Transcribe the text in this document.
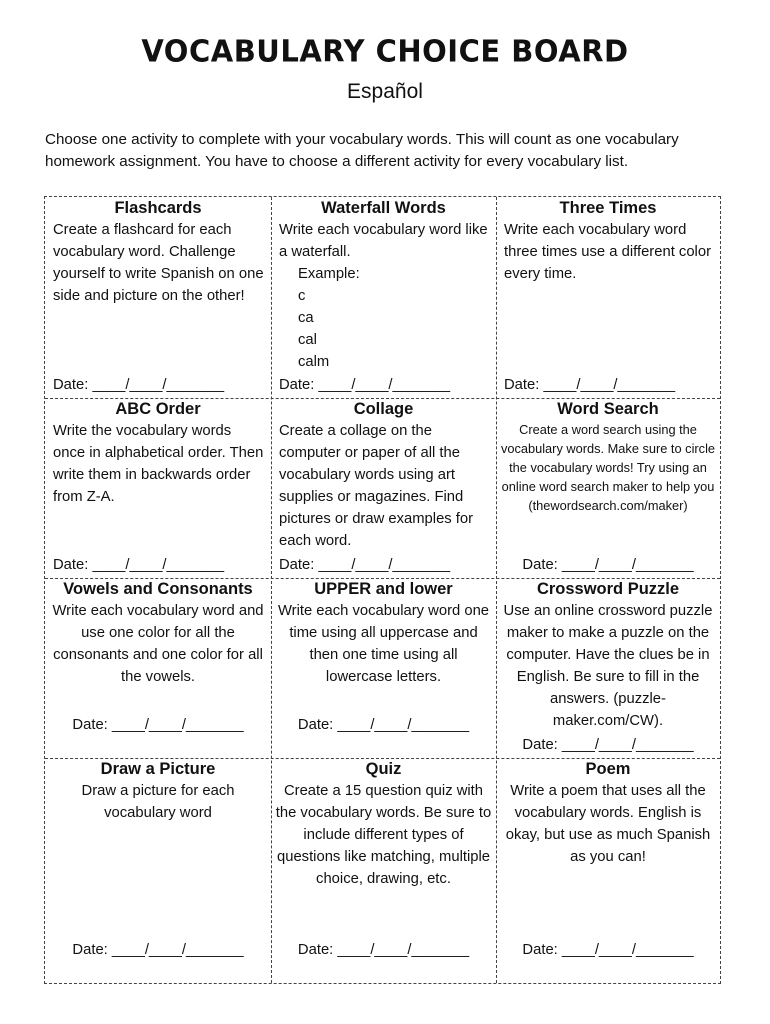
VOCABULARY CHOICE BOARD
Español
Choose one activity to complete with your vocabulary words. This will count as one vocabulary homework assignment. You have to choose a different activity for every vocabulary list.
Flashcards
Create a flashcard for each vocabulary word. Challenge yourself to write Spanish on one side and picture on the other!
Date: ____/____/_______
Waterfall Words
Write each vocabulary word like a waterfall.
Example:
c
ca
cal
calm
Date: ____/____/_______
Three Times
Write each vocabulary word three times use a different color every time.
Date: ____/____/_______
ABC Order
Write the vocabulary words once in alphabetical order. Then write them in backwards order from Z-A.
Date: ____/____/_______
Collage
Create a collage on the computer or paper of all the vocabulary words using art supplies or magazines. Find pictures or draw examples for each word.
Date: ____/____/_______
Word Search
Create a word search using the vocabulary words. Make sure to circle the vocabulary words! Try using an online word search maker to help you (thewordsearch.com/maker)
Date: ____/____/_______
Vowels and Consonants
Write each vocabulary word and use one color for all the consonants and one color for all the vowels.
Date: ____/____/_______
UPPER and lower
Write each vocabulary word one time using all uppercase and then one time using all lowercase letters.
Date: ____/____/_______
Crossword Puzzle
Use an online crossword puzzle maker to make a puzzle on the computer. Have the clues be in English. Be sure to fill in the answers. (puzzle-maker.com/CW).
Date: ____/____/_______
Draw a Picture
Draw a picture for each vocabulary word
Date: ____/____/_______
Quiz
Create a 15 question quiz with the vocabulary words. Be sure to include different types of questions like matching, multiple choice, drawing, etc.
Date: ____/____/_______
Poem
Write a poem that uses all the vocabulary words. English is okay, but use as much Spanish as you can!
Date: ____/____/_______
